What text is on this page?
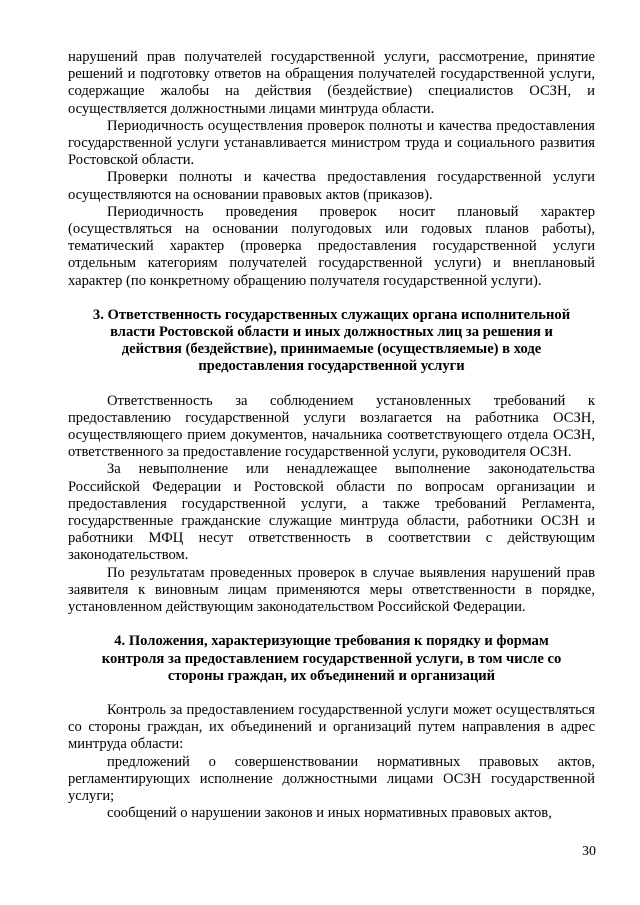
нарушений прав получателей государственной услуги, рассмотрение, принятие решений и подготовку ответов на обращения получателей государственной услуги, содержащие жалобы на действия (бездействие) специалистов ОСЗН, и осуществляется должностными лицами минтруда области.

Периодичность осуществления проверок полноты и качества предоставления государственной услуги устанавливается министром труда и социального развития Ростовской области.

Проверки полноты и качества предоставления государственной услуги осуществляются на основании правовых актов (приказов).

Периодичность проведения проверок носит плановый характер (осуществляться на основании полугодовых или годовых планов работы), тематический характер (проверка предоставления государственной услуги отдельным категориям получателей государственной услуги) и внеплановый характер (по конкретному обращению получателя государственной услуги).

3. Ответственность государственных служащих органа исполнительной власти Ростовской области и иных должностных лиц за решения и действия (бездействие), принимаемые (осуществляемые) в ходе предоставления государственной услуги

Ответственность за соблюдением установленных требований к предоставлению государственной услуги возлагается на работника ОСЗН, осуществляющего прием документов, начальника соответствующего отдела ОСЗН, ответственного за предоставление государственной услуги, руководителя ОСЗН.

За невыполнение или ненадлежащее выполнение законодательства Российской Федерации и Ростовской области по вопросам организации и предоставления государственной услуги, а также требований Регламента, государственные гражданские служащие минтруда области, работники ОСЗН и работники МФЦ несут ответственность в соответствии с действующим законодательством.

По результатам проведенных проверок в случае выявления нарушений прав заявителя к виновным лицам применяются меры ответственности в порядке, установленном действующим законодательством Российской Федерации.

4. Положения, характеризующие требования к порядку и формам контроля за предоставлением государственной услуги, в том числе со стороны граждан, их объединений и организаций

Контроль за предоставлением государственной услуги может осуществляться со стороны граждан, их объединений и организаций путем направления в адрес минтруда области:

предложений о совершенствовании нормативных правовых актов, регламентирующих исполнение должностными лицами ОСЗН государственной услуги;

сообщений о нарушении законов и иных нормативных правовых актов,

30
